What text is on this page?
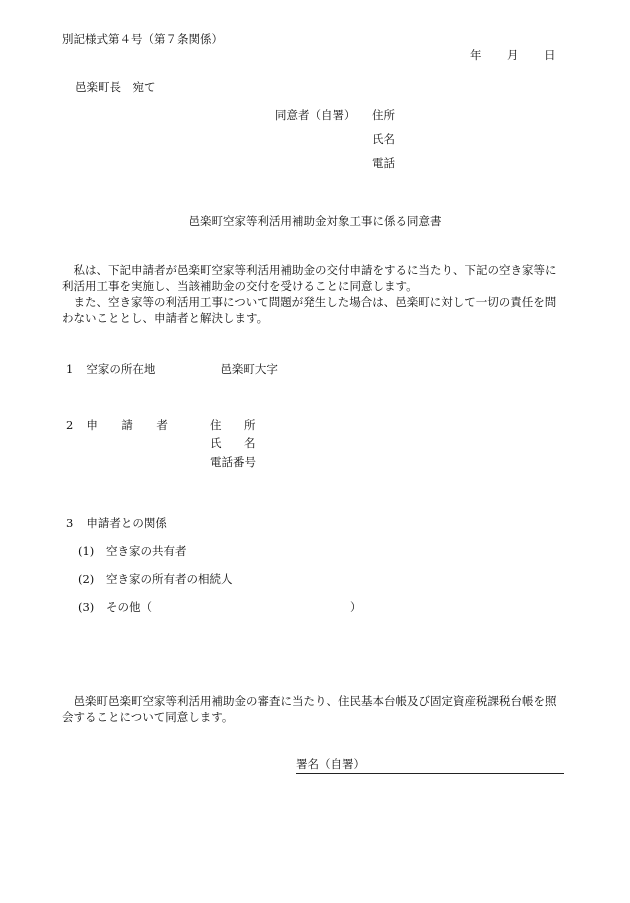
別記様式第４号（第７条関係）
年	月	日
邑楽町長　宛て
同意者（自署） 住所
氏名
電話
邑楽町空家等利活用補助金対象工事に係る同意書
私は、下記申請者が邑楽町空家等利活用補助金の交付申請をするに当たり、下記の空き家等に利活用工事を実施し、当該補助金の交付を受けることに同意します。
また、空き家等の利活用工事について問題が発生した場合は、邑楽町に対して一切の責任を問わないこととし、申請者と解決します。
1 空家の所在地	邑楽町大字
2 申 請 者	住 所
氏 名
電話番号
3 申請者との関係
(1) 空き家の共有者
(2) 空き家の所有者の相続人
(3) その他（	）
邑楽町邑楽町空家等利活用補助金の審査に当たり、住民基本台帳及び固定資産税課税台帳を照会することについて同意します。
署名（自署）
